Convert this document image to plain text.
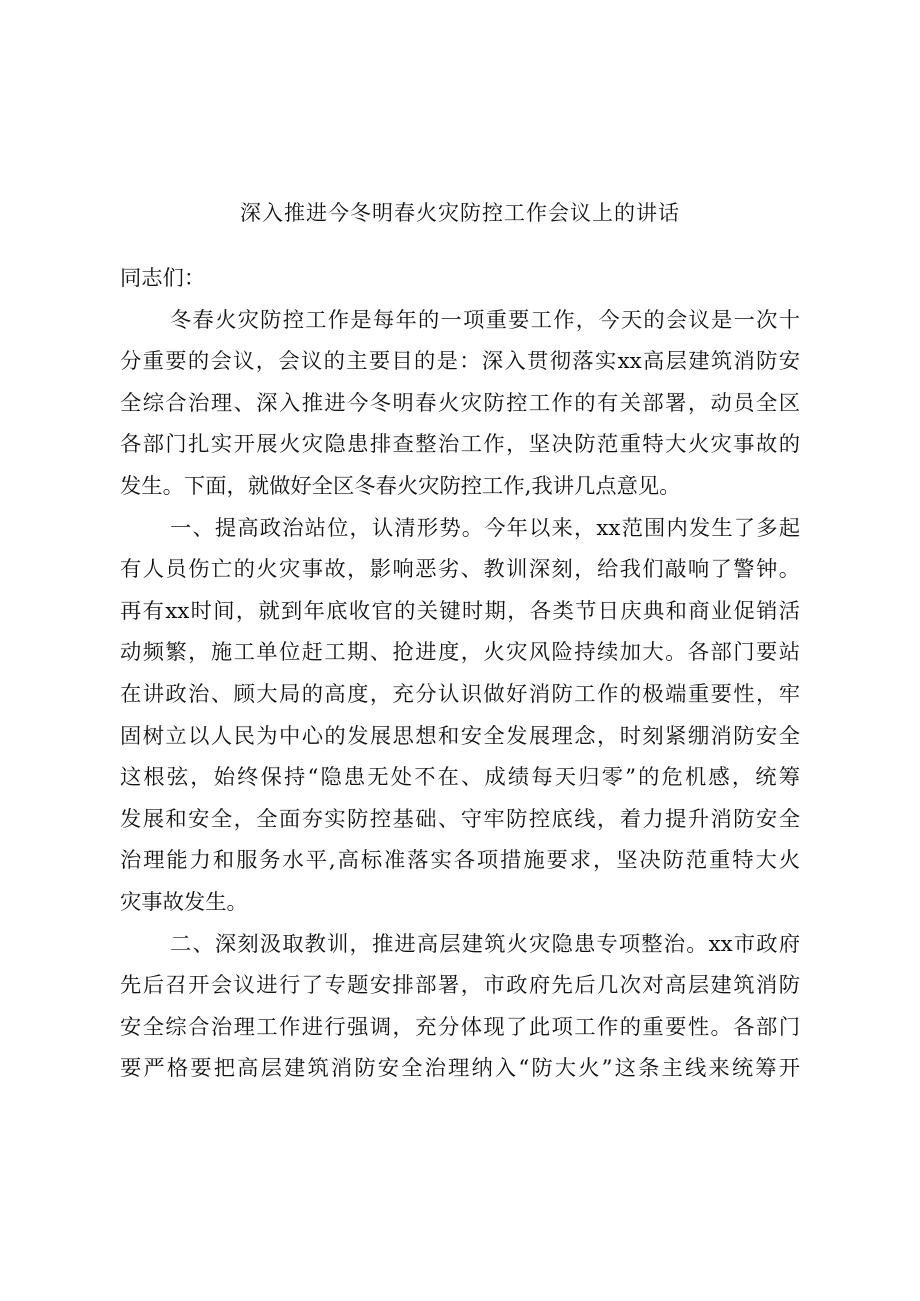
深入推进今冬明春火灾防控工作会议上的讲话
同志们：
冬春火灾防控工作是每年的一项重要工作，今天的会议是一次十
分重要的会议，会议的主要目的是：深入贯彻落实xx高层建筑消防安
全综合治理、深入推进今冬明春火灾防控工作的有关部署，动员全区
各部门扎实开展火灾隐患排查整治工作，坚决防范重特大火灾事故的
发生。下面，就做好全区冬春火灾防控工作,我讲几点意见。
一、提高政治站位，认清形势。今年以来，xx范围内发生了多起
有人员伤亡的火灾事故，影响恶劣、教训深刻，给我们敲响了警钟。
再有xx时间，就到年底收官的关键时期，各类节日庆典和商业促销活
动频繁，施工单位赶工期、抢进度，火灾风险持续加大。各部门要站
在讲政治、顾大局的高度，充分认识做好消防工作的极端重要性，牢
固树立以人民为中心的发展思想和安全发展理念，时刻紧绷消防安全
这根弦，始终保持“隐患无处不在、成绩每天归零”的危机感，统筹
发展和安全，全面夯实防控基础、守牢防控底线，着力提升消防安全
治理能力和服务水平,高标准落实各项措施要求，坚决防范重特大火
灾事故发生。
二、深刻汲取教训，推进高层建筑火灾隐患专项整治。xx市政府
先后召开会议进行了专题安排部署，市政府先后几次对高层建筑消防
安全综合治理工作进行强调，充分体现了此项工作的重要性。各部门
要严格要把高层建筑消防安全治理纳入“防大火”这条主线来统筹开
